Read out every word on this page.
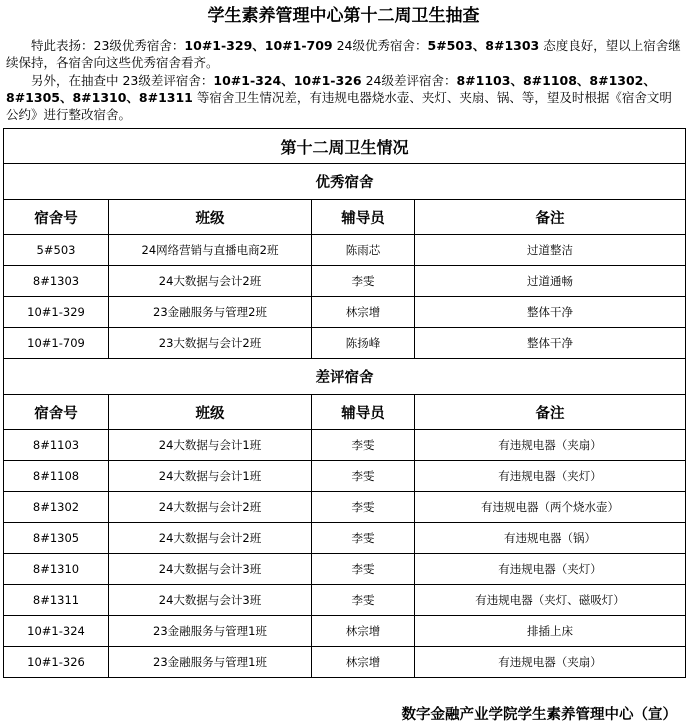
学生素养管理中心第十二周卫生抽查
特此表扬：23级优秀宿舍：10#1-329、10#1-709 24级优秀宿舍：5#503、8#1303 态度良好，望以上宿舍继续保持，各宿舍向这些优秀宿舍看齐。
另外，在抽查中 23级差评宿舍：10#1-324、10#1-326 24级差评宿舍：8#1103、8#1108、8#1302、8#1305、8#1310、8#1311 等宿舍卫生情况差，有违规电器烧水壶、夹灯、夹扇、锅、等，望及时根据《宿舍文明公约》进行整改宿舍。
第十二周卫生情况			
优秀宿舍			
宿舍号	班级	辅导员	备注
5#503	24网络营销与直播电商2班	陈雨芯	过道整洁
8#1303	24大数据与会计2班	李雯	过道通畅
10#1-329	23金融服务与管理2班	林宗增	整体干净
10#1-709	23大数据与会计2班	陈扬峰	整体干净
差评宿舍			
宿舍号	班级	辅导员	备注
8#1103	24大数据与会计1班	李雯	有违规电器（夹扇）
8#1108	24大数据与会计1班	李雯	有违规电器（夹灯）
8#1302	24大数据与会计2班	李雯	有违规电器（两个烧水壶）
8#1305	24大数据与会计2班	李雯	有违规电器（锅）
8#1310	24大数据与会计3班	李雯	有违规电器（夹灯）
8#1311	24大数据与会计3班	李雯	有违规电器（夹灯、磁吸灯）
10#1-324	23金融服务与管理1班	林宗增	排插上床
10#1-326	23金融服务与管理1班	林宗增	有违规电器（夹扇）
数字金融产业学院学生素养管理中心（宣）
